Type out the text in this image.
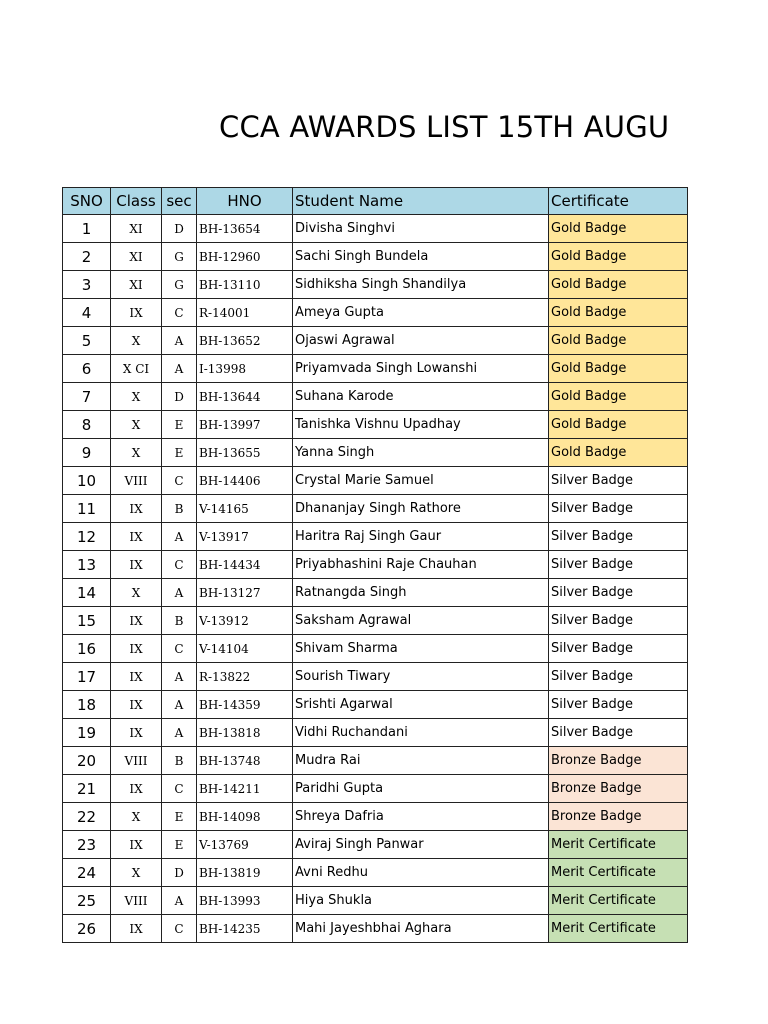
CCA AWARDS LIST 15TH AUGU
SNO	Class	sec	HNO	Student Name	Certificate
1	XI	D	BH-13654	Divisha Singhvi	Gold Badge
2	XI	G	BH-12960	Sachi Singh Bundela	Gold Badge
3	XI	G	BH-13110	Sidhiksha Singh Shandilya	Gold Badge
4	IX	C	R-14001	Ameya Gupta	Gold Badge
5	X	A	BH-13652	Ojaswi Agrawal	Gold Badge
6	X CI	A	I-13998	Priyamvada Singh Lowanshi	Gold Badge
7	X	D	BH-13644	Suhana Karode	Gold Badge
8	X	E	BH-13997	Tanishka Vishnu Upadhay	Gold Badge
9	X	E	BH-13655	Yanna Singh	Gold Badge
10	VIII	C	BH-14406	Crystal Marie Samuel	Silver Badge
11	IX	B	V-14165	Dhananjay Singh Rathore	Silver Badge
12	IX	A	V-13917	Haritra Raj Singh Gaur	Silver Badge
13	IX	C	BH-14434	Priyabhashini Raje Chauhan	Silver Badge
14	X	A	BH-13127	Ratnangda Singh	Silver Badge
15	IX	B	V-13912	Saksham Agrawal	Silver Badge
16	IX	C	V-14104	Shivam Sharma	Silver Badge
17	IX	A	R-13822	Sourish Tiwary	Silver Badge
18	IX	A	BH-14359	Srishti Agarwal	Silver Badge
19	IX	A	BH-13818	Vidhi Ruchandani	Silver Badge
20	VIII	B	BH-13748	Mudra Rai	Bronze Badge
21	IX	C	BH-14211	Paridhi Gupta	Bronze Badge
22	X	E	BH-14098	Shreya Dafria	Bronze Badge
23	IX	E	V-13769	Aviraj Singh Panwar	Merit Certificate
24	X	D	BH-13819	Avni Redhu	Merit Certificate
25	VIII	A	BH-13993	Hiya Shukla	Merit Certificate
26	IX	C	BH-14235	Mahi Jayeshbhai Aghara	Merit Certificate
